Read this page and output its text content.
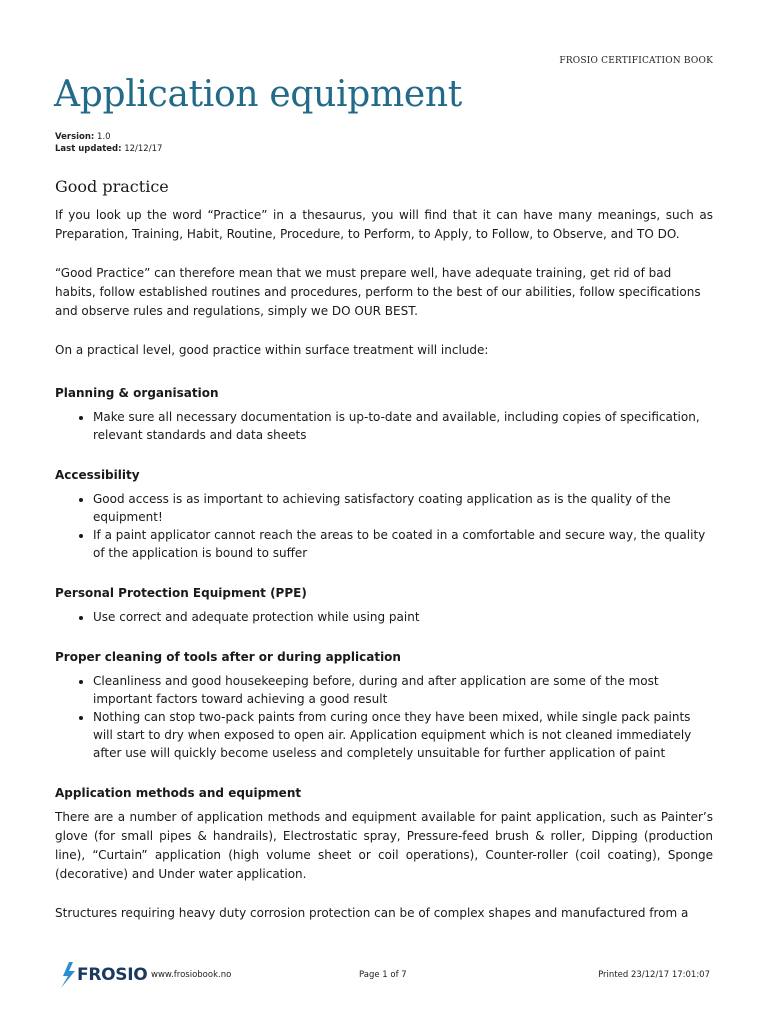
FROSIO CERTIFICATION BOOK
Application equipment
Version: 1.0
Last updated: 12/12/17
Good practice

If you look up the word “Practice” in a thesaurus, you will find that it can have many meanings, such as Preparation, Training, Habit, Routine, Procedure, to Perform, to Apply, to Follow, to Observe, and TO DO.

“Good Practice” can therefore mean that we must prepare well, have adequate training, get rid of bad habits, follow established routines and procedures, perform to the best of our abilities, follow specifications and observe rules and regulations, simply we DO OUR BEST.

On a practical level, good practice within surface treatment will include:

Planning & organisation
• Make sure all necessary documentation is up-to-date and available, including copies of specification, relevant standards and data sheets
Accessibility
• Good access is as important to achieving satisfactory coating application as is the quality of the equipment!
• If a paint applicator cannot reach the areas to be coated in a comfortable and secure way, the quality of the application is bound to suffer
Personal Protection Equipment (PPE)
• Use correct and adequate protection while using paint
Proper cleaning of tools after or during application
• Cleanliness and good housekeeping before, during and after application are some of the most important factors toward achieving a good result
• Nothing can stop two-pack paints from curing once they have been mixed, while single pack paints will start to dry when exposed to open air. Application equipment which is not cleaned immediately after use will quickly become useless and completely unsuitable for further application of paint
Application methods and equipment

There are a number of application methods and equipment available for paint application, such as Painter’s glove (for small pipes & handrails), Electrostatic spray, Pressure-feed brush & roller, Dipping (production line), “Curtain” application (high volume sheet or coil operations), Counter-roller (coil coating), Sponge (decorative) and Under water application.

Structures requiring heavy duty corrosion protection can be of complex shapes and manufactured from a

FROSIO www.frosiobook.no	Page 1 of 7	Printed 23/12/17 17:01:07
